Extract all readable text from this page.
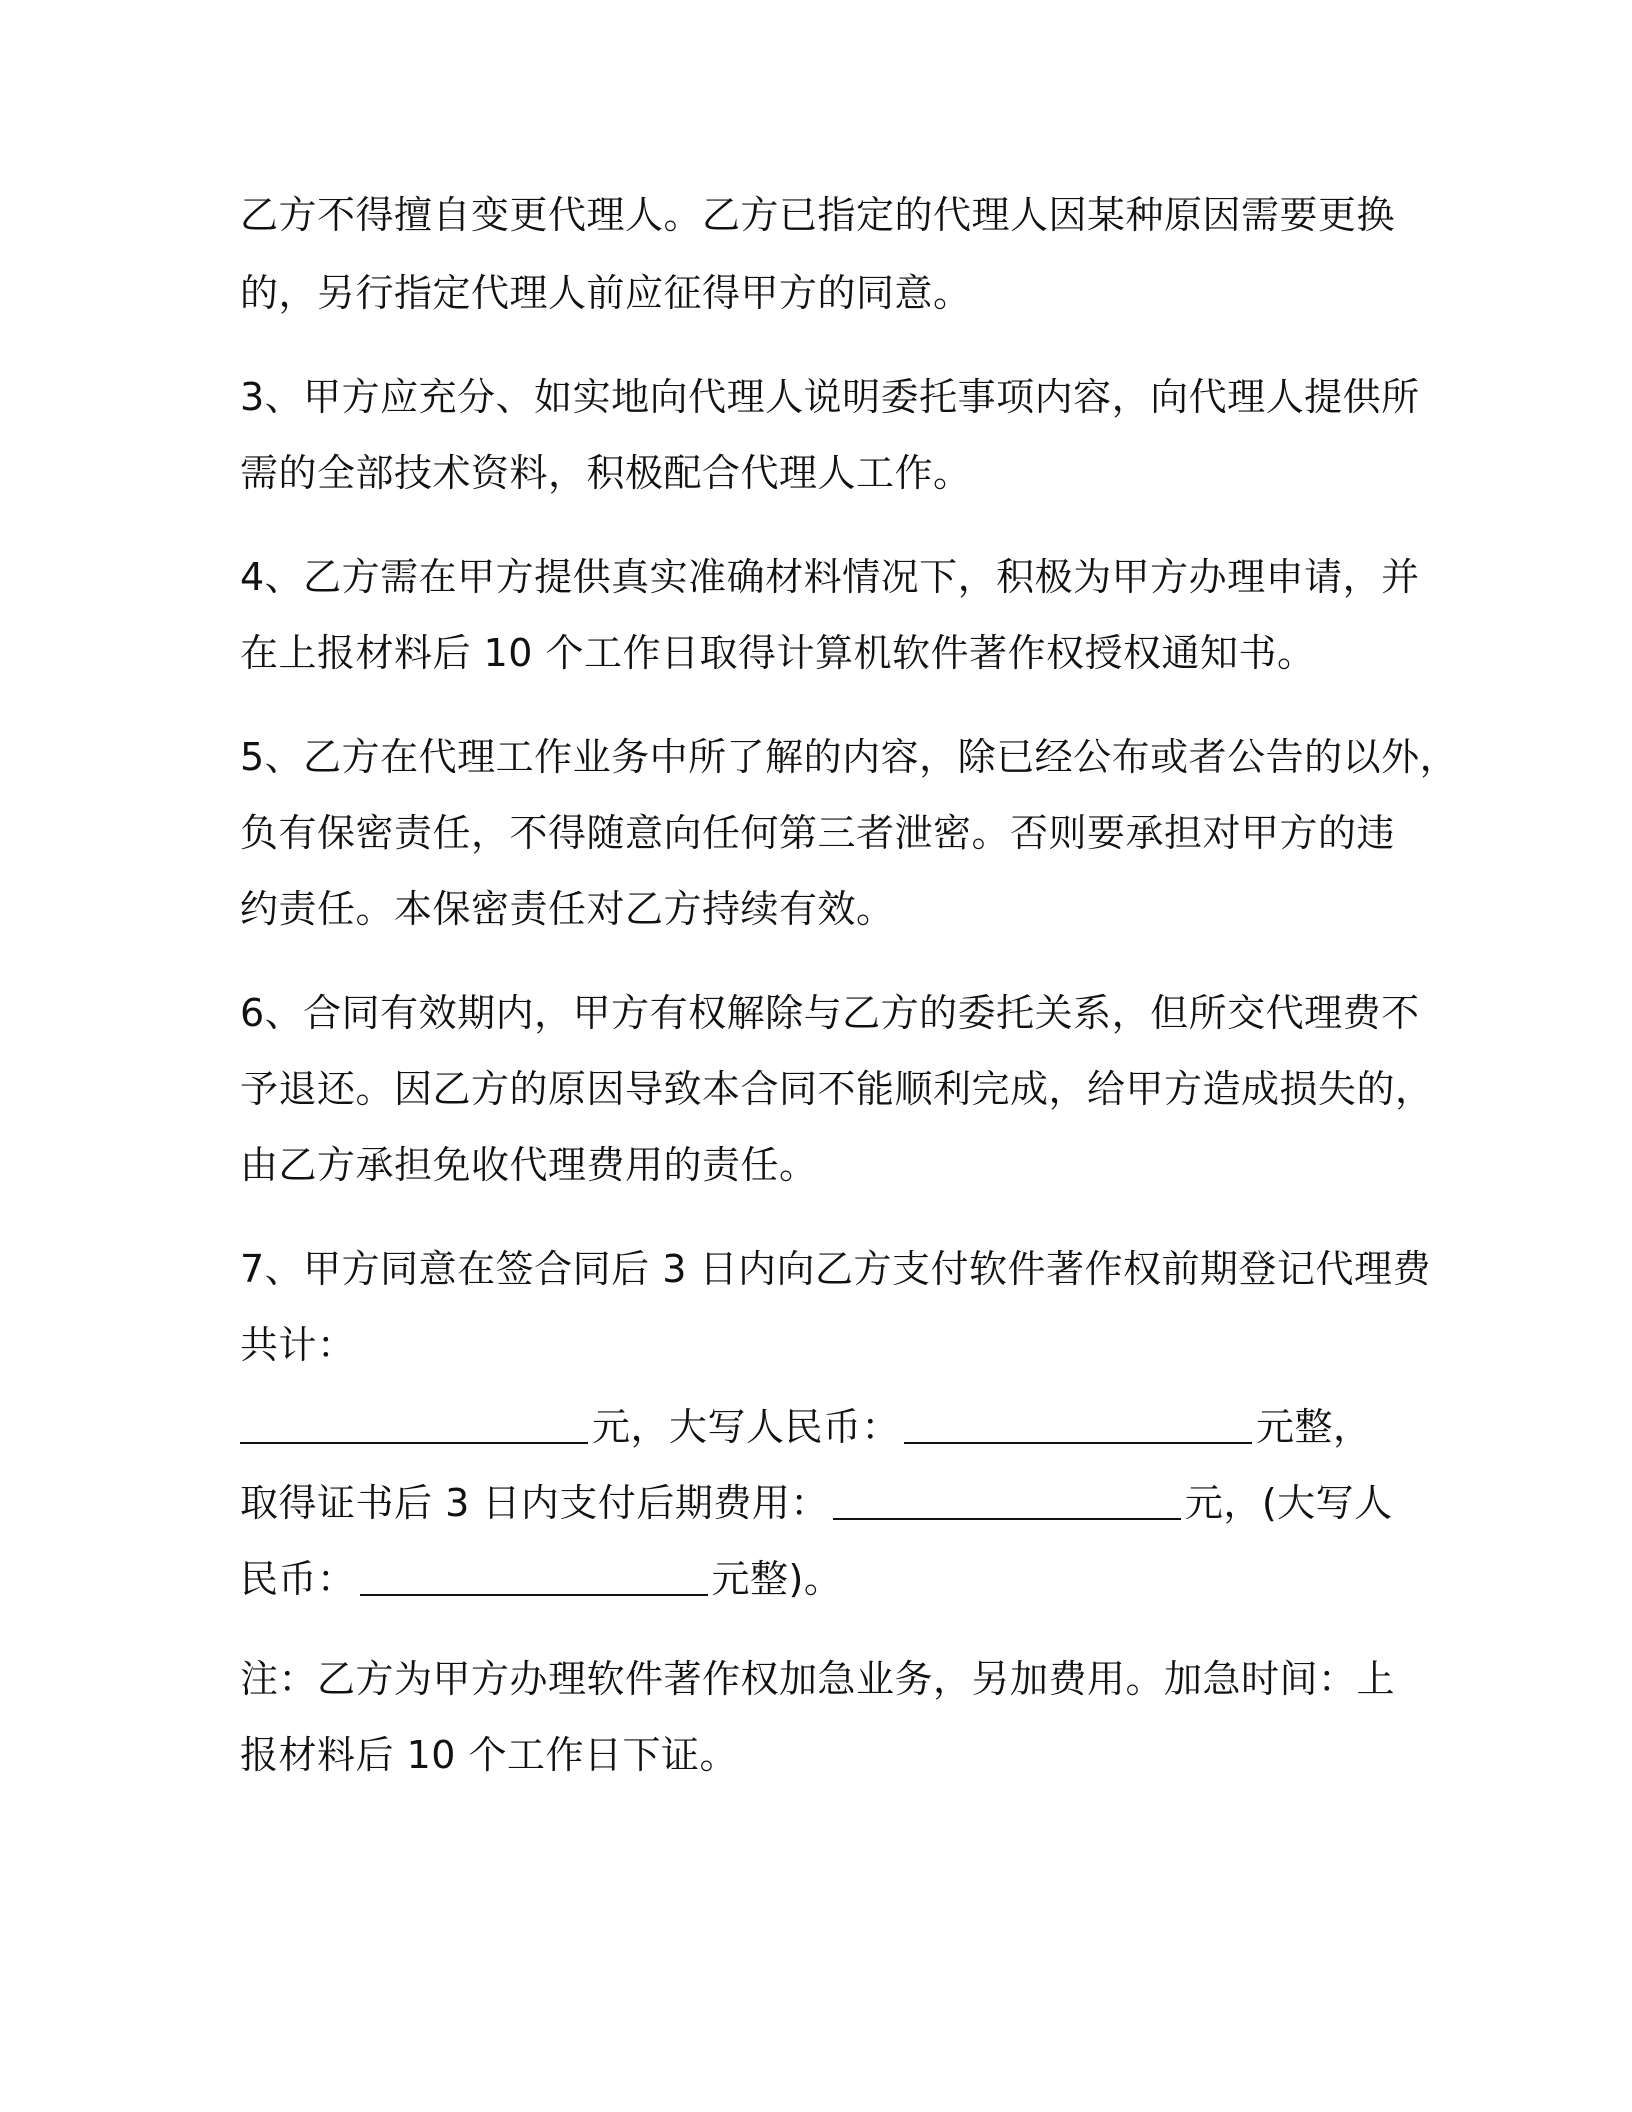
乙方不得擅自变更代理人。乙方已指定的代理人因某种原因需要更换
的，另行指定代理人前应征得甲方的同意。
3、甲方应充分、如实地向代理人说明委托事项内容，向代理人提供所
需的全部技术资料，积极配合代理人工作。
4、乙方需在甲方提供真实准确材料情况下，积极为甲方办理申请，并
在上报材料后 10 个工作日取得计算机软件著作权授权通知书。
5、乙方在代理工作业务中所了解的内容，除已经公布或者公告的以外，
负有保密责任，不得随意向任何第三者泄密。否则要承担对甲方的违
约责任。本保密责任对乙方持续有效。
6、合同有效期内，甲方有权解除与乙方的委托关系，但所交代理费不
予退还。因乙方的原因导致本合同不能顺利完成，给甲方造成损失的，
由乙方承担免收代理费用的责任。
7、甲方同意在签合同后 3 日内向乙方支付软件著作权前期登记代理费
共计：
元，大写人民币：	元整，
取得证书后 3 日内支付后期费用：	元，(大写人
民币：	元整)。
注：乙方为甲方办理软件著作权加急业务，另加费用。加急时间：上
报材料后 10 个工作日下证。
